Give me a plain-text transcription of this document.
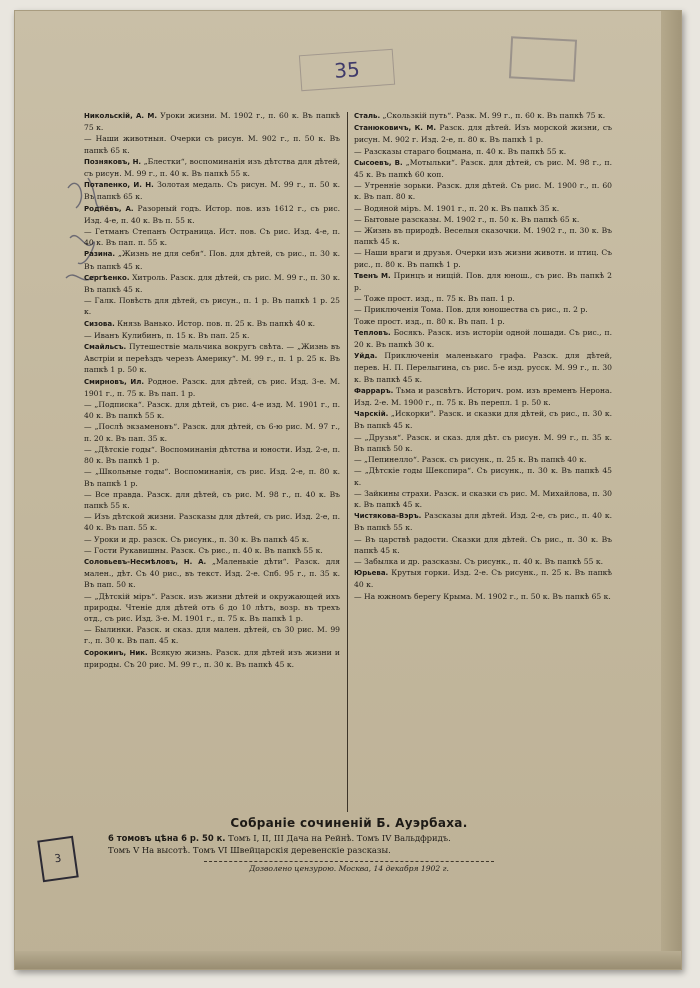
35
3

Никольскій, А. М. Уроки жизни. М. 1902 г., п. 60 к. Въ папкѣ 75 к.

— Наши животныя. Очерки съ рисун. М. 902 г., п. 50 к. Въ папкѣ 65 к.

Позняковъ, Н. „Блестки“, воспоминанія изъ дѣтства для дѣтей, съ рисун. М. 99 г., п. 40 к. Въ папкѣ 55 к.

Потапенко, И. Н. Золотая медаль. Съ рисун. М. 99 г., п. 50 к. Въ папкѣ 65 к.

Роднёвъ, А. Разорный годъ. Истор. пов. изъ 1612 г., съ рис. Изд. 4-е, п. 40 к. Въ п. 55 к.

— Гетманъ Степанъ Остраница. Ист. пов. Съ рис. Изд. 4-е, п. 40 к. Въ пап. п. 55 к.

Разина. „Жизнь не для себя“. Пов. для дѣтей, съ рис., п. 30 к. Въ папкѣ 45 к.

Сергѣенко. Хитроль. Разск. для дѣтей, съ рис. М. 99 г., п. 30 к. Въ папкѣ 45 к.

— Галк. Повѣсть для дѣтей, съ рисун., п. 1 р. Въ папкѣ 1 р. 25 к.

Сизова. Князь Ванько. Истор. пов. п. 25 к. Въ папкѣ 40 к.

— Иванъ Кулибинъ, п. 15 к. Въ пап. 25 к.

Смайльсъ. Путешествіе мальчика вокругъ свѣта. — „Жизнь въ Австріи и переѣздъ черезъ Америку“. М. 99 г., п. 1 р. 25 к. Въ папкѣ 1 р. 50 к.

Смирновъ, Ил. Родное. Разск. для дѣтей, съ рис. Изд. 3-е. М. 1901 г., п. 75 к. Въ пап. 1 р.

— „Подписка“. Разск. для дѣтей, съ рис. 4-е изд. М. 1901 г., п. 40 к. Въ папкѣ 55 к.

— „Послѣ экзаменовъ“. Разск. для дѣтей, съ 6-ю рис. М. 97 г., п. 20 к. Въ пап. 35 к.

— „Дѣтскіе годы“. Воспоминанія дѣтства и юности. Изд. 2-е, п. 80 к. Въ папкѣ 1 р.

— „Школьные годы“. Воспоминанія, съ рис. Изд. 2-е, п. 80 к. Въ папкѣ 1 р.

— Все правда. Разск. для дѣтей, съ рис. М. 98 г., п. 40 к. Въ папкѣ 55 к.

— Изъ дѣтской жизни. Разсказы для дѣтей, съ рис. Изд. 2-е, п. 40 к. Въ пап. 55 к.

— Уроки и др. разск. Съ рисунк., п. 30 к. Въ папкѣ 45 к.

— Гости Рукавишны. Разск. Съ рис., п. 40 к. Въ папкѣ 55 к.

Соловьевъ-Несмѣловъ, Н. А. „Маленькіе дѣти“. Разск. для мален., дѣт. Съ 40 рис., въ текст. Изд. 2-е. Спб. 95 г., п. 35 к. Въ пап. 50 к.

— „Дѣтскій міръ“. Разск. изъ жизни дѣтей и окружающей ихъ природы. Чтеніе для дѣтей отъ 6 до 10 лѣтъ, возр. въ трехъ отд., съ рис. Изд. 3-е. М. 1901 г., п. 75 к. Въ папкѣ 1 р.

— Былинки. Разск. и сказ. для мален. дѣтей, съ 30 рис. М. 99 г., п. 30 к. Въ пап. 45 к.

Сорокинъ, Ник. Всякую жизнь. Разск. для дѣтей изъ жизни и природы. Съ 20 рис. М. 99 г., п. 30 к. Въ папкѣ 45 к.

Сталь. „Скользкій путь“. Разк. М. 99 г., п. 60 к. Въ папкѣ 75 к.

Станюковичъ, К. М. Разск. для дѣтей. Изъ морской жизни, съ рисун. М. 902 г. Изд. 2-е, п. 80 к. Въ папкѣ 1 р.

— Разсказы стараго боцмана, п. 40 к. Въ папкѣ 55 к.

Сысоевъ, В. „Мотыльки“. Разск. для дѣтей, съ рис. М. 98 г., п. 45 к. Въ папкѣ 60 коп.

— Утренніе зорьки. Разск. для дѣтей. Съ рис. М. 1900 г., п. 60 к. Въ пап. 80 к.

— Водяной міръ. М. 1901 г., п. 20 к. Въ папкѣ 35 к.

— Бытовые разсказы. М. 1902 г., п. 50 к. Въ папкѣ 65 к.

— Жизнь въ природѣ. Веселыя сказочки. М. 1902 г., п. 30 к. Въ папкѣ 45 к.

— Наши враги и друзья. Очерки изъ жизни животн. и птиц. Съ рис., п. 80 к. Въ папкѣ 1 р.

Твенъ М. Принцъ и нищій. Пов. для юнош., съ рис. Въ папкѣ 2 р.

— Тоже прост. изд., п. 75 к. Въ пап. 1 р.

— Приключенія Тома. Пов. для юношества съ рис., п. 2 р.

Тоже прост. изд., п. 80 к. Въ пап. 1 р.

Тепловъ. Босякъ. Разск. изъ исторіи одной лошади. Съ рис., п. 20 к. Въ папкѣ 30 к.

Уйда. Приключенія маленькаго графа. Разск. для дѣтей, перев. Н. П. Перелыгина, съ рис. 5-е изд. русск. М. 99 г., п. 30 к. Въ папкѣ 45 к.

Фарраръ. Тьма и разсвѣтъ. Историч. ром. изъ временъ Нерона. Изд. 2-е. М. 1900 г., п. 75 к. Въ перепл. 1 р. 50 к.

Чарскій. „Искорки“. Разск. и сказки для дѣтей, съ рис., п. 30 к. Въ папкѣ 45 к.

— „Друзья“. Разск. и сказ. для дѣт. съ рисун. М. 99 г., п. 35 к. Въ папкѣ 50 к.

— „Пепинелло“. Разск. съ рисунк., п. 25 к. Въ папкѣ 40 к.

— „Дѣтскіе годы Шекспира“. Съ рисунк., п. 30 к. Въ папкѣ 45 к.

— Зайкины страхи. Разск. и сказки съ рис. М. Михайлова, п. 30 к. Въ папкѣ 45 к.

Чистякова-Вэръ. Разсказы для дѣтей. Изд. 2-е, съ рис., п. 40 к. Въ папкѣ 55 к.

— Въ царствѣ радости. Сказки для дѣтей. Съ рис., п. 30 к. Въ папкѣ 45 к.

— Забылка и др. разсказы. Съ рисунк., п. 40 к. Въ папкѣ 55 к.

Юрьева. Крутыя горки. Изд. 2-е. Съ рисунк., п. 25 к. Въ папкѣ 40 к.

— На южномъ берегу Крыма. М. 1902 г., п. 50 к. Въ папкѣ 65 к.

Собраніе сочиненій Б. Ауэрбаха.

6 томовъ цѣна 6 р. 50 к. Томъ I, II, III Дача на Рейнѣ. Томъ IV Вальдфридъ.

Томъ V На высотѣ. Томъ VI Швейцарскія деревенскіе разсказы.

Дозволено цензурою. Москва, 14 декабря 1902 г.
